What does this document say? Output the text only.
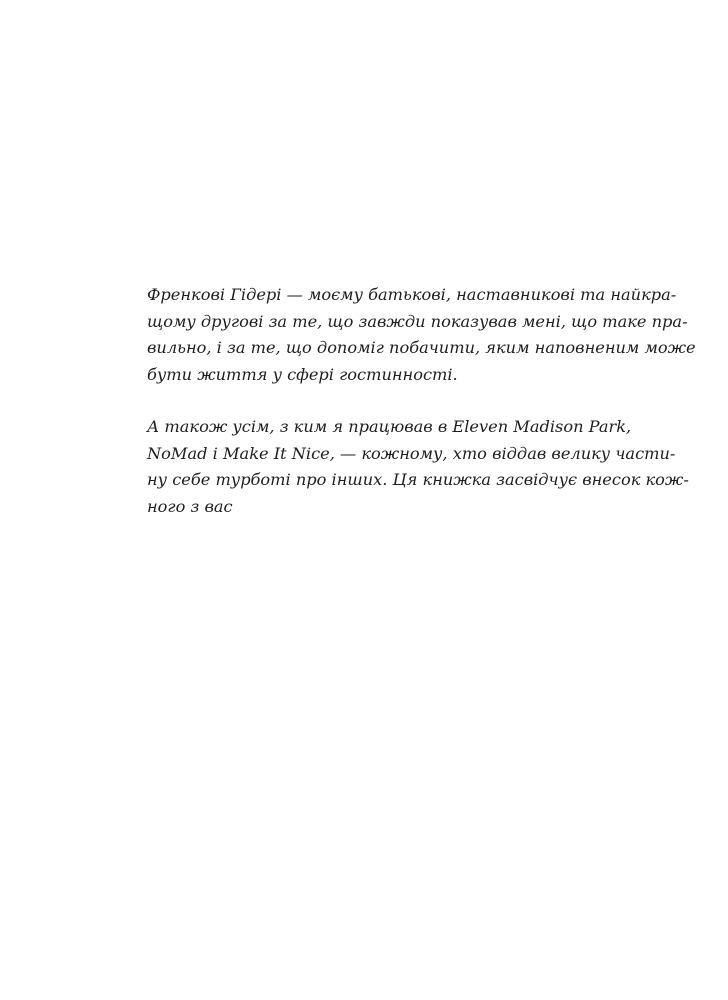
Френкові Гідері — моєму батькові, наставникові та найкра-
щому другові за те, що завжди показував мені, що таке пра-
вильно, і за те, що допоміг побачити, яким наповненим може
бути життя у сфері гостинності.

А також усім, з ким я працював в Eleven Madison Park,
NoMad і Make It Nice, — кожному, хто віддав велику части-
ну себе турботі про інших. Ця книжка засвідчує внесок кож-
ного з вас
